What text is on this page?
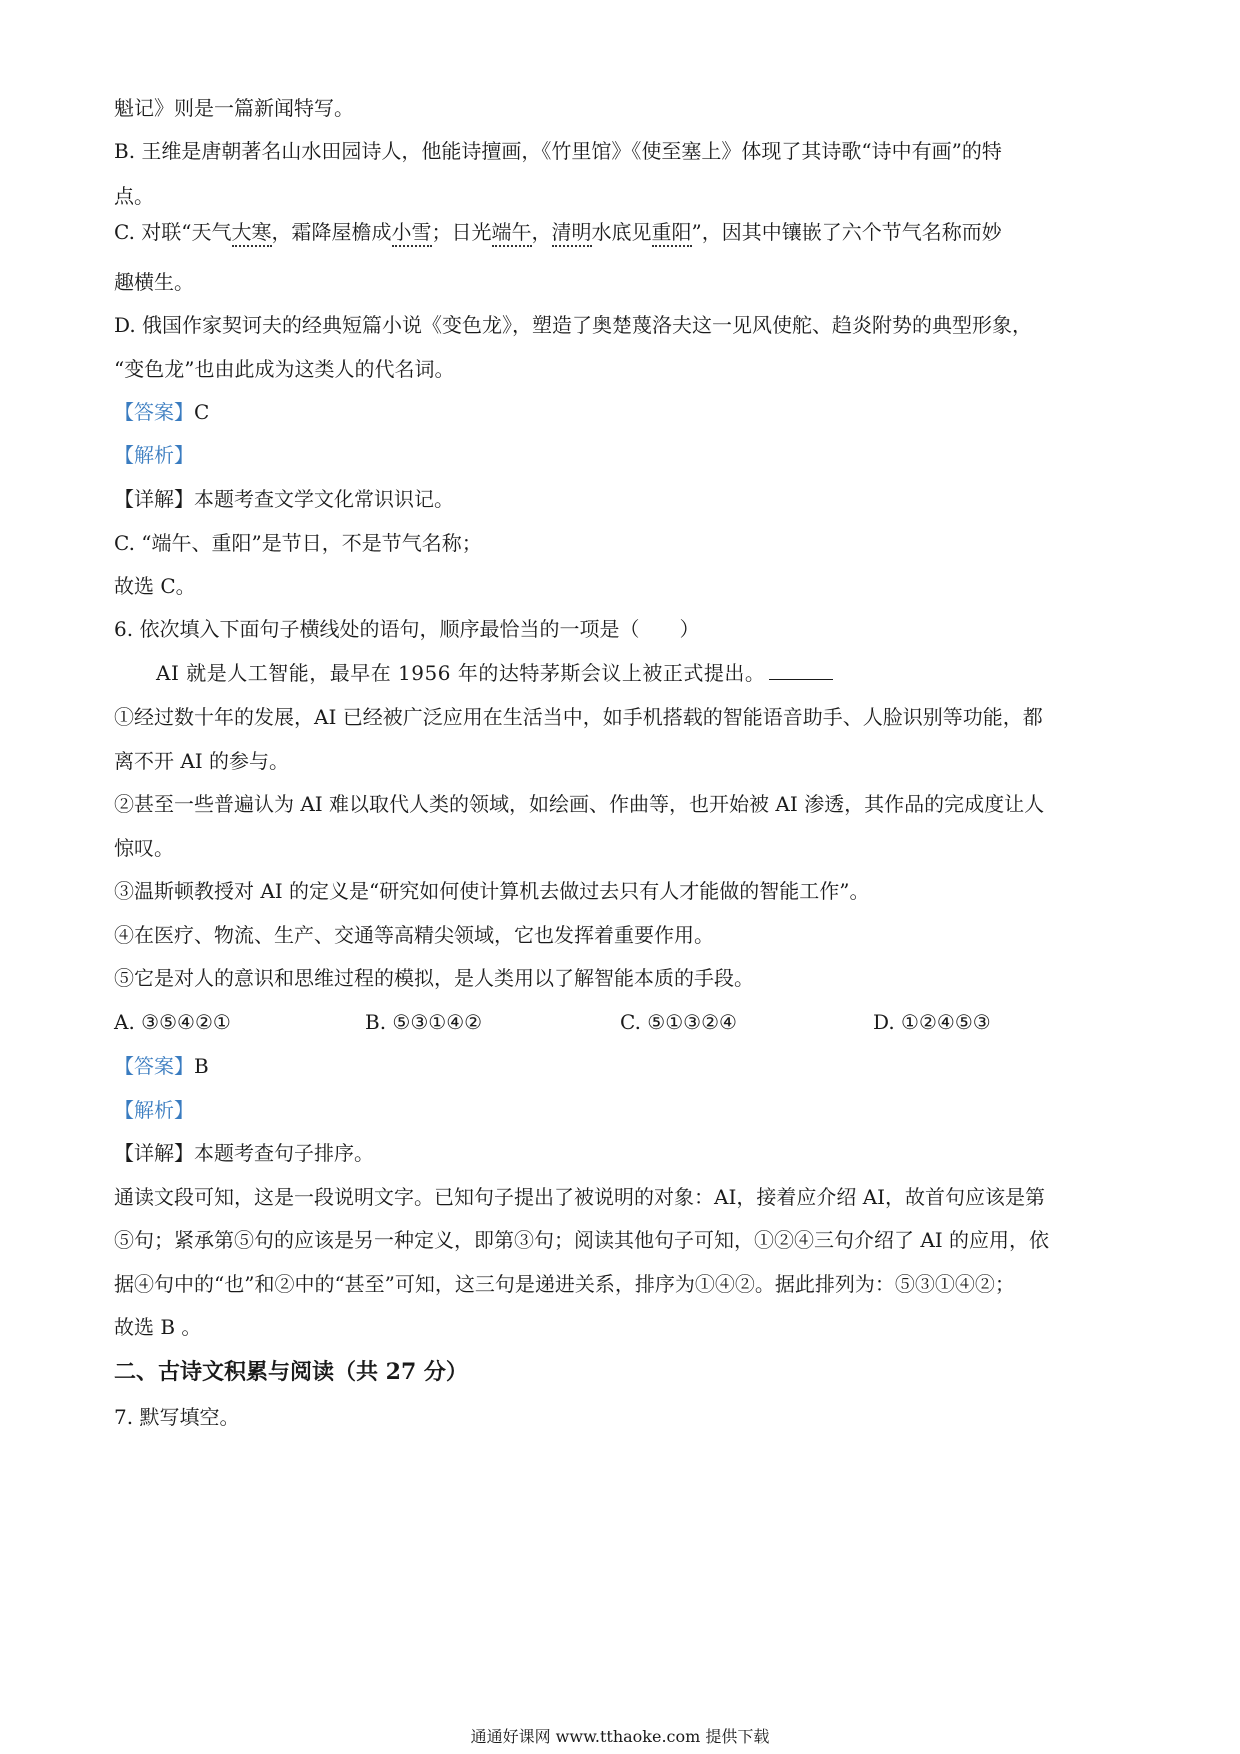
魁记》则是一篇新闻特写。
B. 王维是唐朝著名山水田园诗人，他能诗擅画，《竹里馆》《使至塞上》体现了其诗歌“诗中有画”的特
点。
C. 对联“天气大寒，霜降屋檐成小雪；日光端午，清明水底见重阳”，因其中镶嵌了六个节气名称而妙
趣横生。
D. 俄国作家契诃夫的经典短篇小说《变色龙》，塑造了奥楚蔑洛夫这一见风使舵、趋炎附势的典型形象，
“变色龙”也由此成为这类人的代名词。
【答案】C
【解析】
【详解】本题考查文学文化常识识记。
C. “端午、重阳”是节日，不是节气名称；
故选 C。
6. 依次填入下面句子横线处的语句，顺序最恰当的一项是（　　）
AI 就是人工智能，最早在 1956 年的达特茅斯会议上被正式提出。
①经过数十年的发展，AI 已经被广泛应用在生活当中，如手机搭载的智能语音助手、人脸识别等功能，都
离不开 AI 的参与。
②甚至一些普遍认为 AI 难以取代人类的领域，如绘画、作曲等，也开始被 AI 渗透，其作品的完成度让人
惊叹。
③温斯顿教授对 AI 的定义是“研究如何使计算机去做过去只有人才能做的智能工作”。
④在医疗、物流、生产、交通等高精尖领域，它也发挥着重要作用。
⑤它是对人的意识和思维过程的模拟，是人类用以了解智能本质的手段。
A. ③⑤④②①	B. ⑤③①④②	C. ⑤①③②④	D. ①②④⑤③
【答案】B
【解析】
【详解】本题考查句子排序。
通读文段可知，这是一段说明文字。已知句子提出了被说明的对象：AI，接着应介绍 AI，故首句应该是第
⑤句；紧承第⑤句的应该是另一种定义，即第③句；阅读其他句子可知，①②④三句介绍了 AI 的应用，依
据④句中的“也”和②中的“甚至”可知，这三句是递进关系，排序为①④②。据此排列为：⑤③①④②；
故选 B 。
二、古诗文积累与阅读（共 27 分）
7. 默写填空。
通通好课网 www.tthaoke.com 提供下载
